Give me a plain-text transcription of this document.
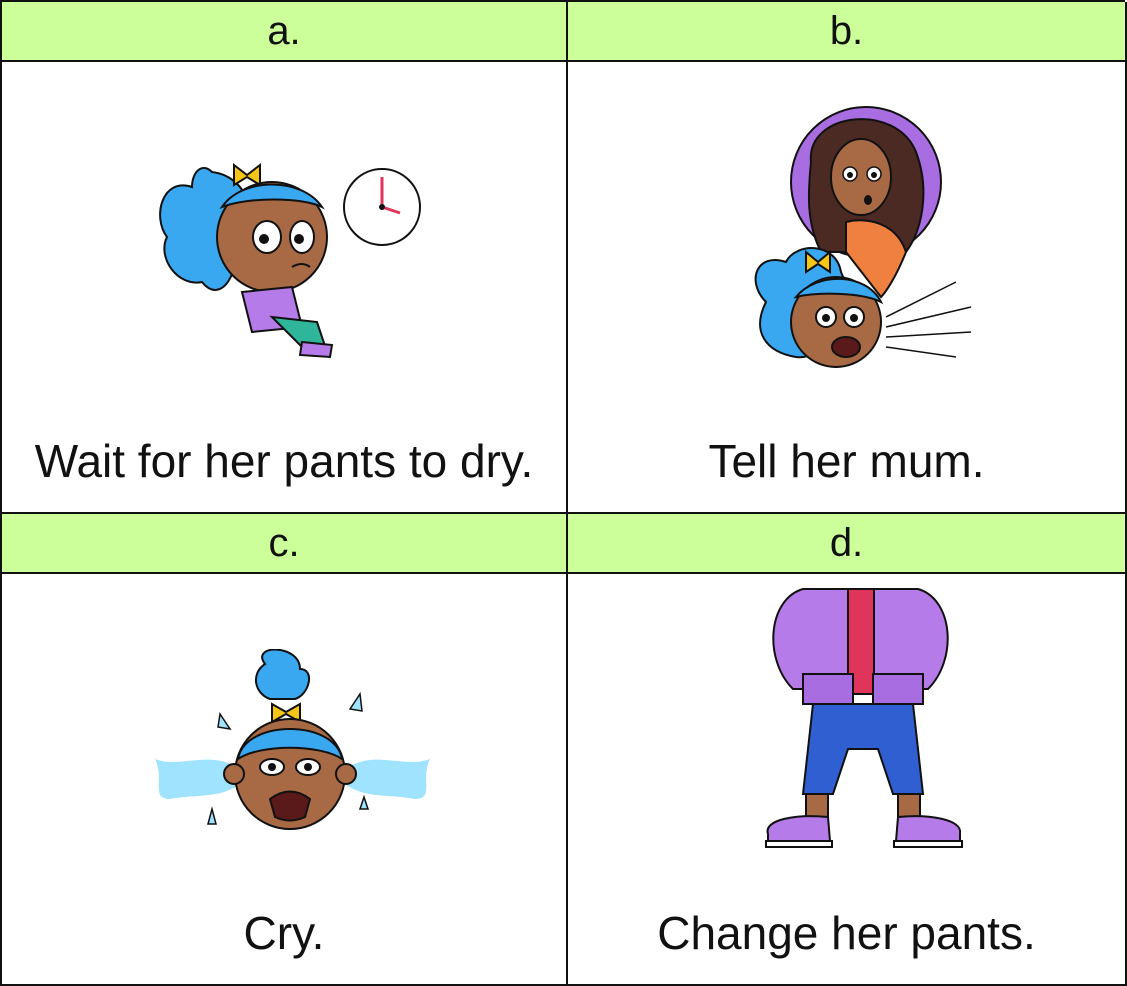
a.
Wait for her pants to dry.
b.
Tell her mum.
c.
Cry.
d.
Change her pants.
